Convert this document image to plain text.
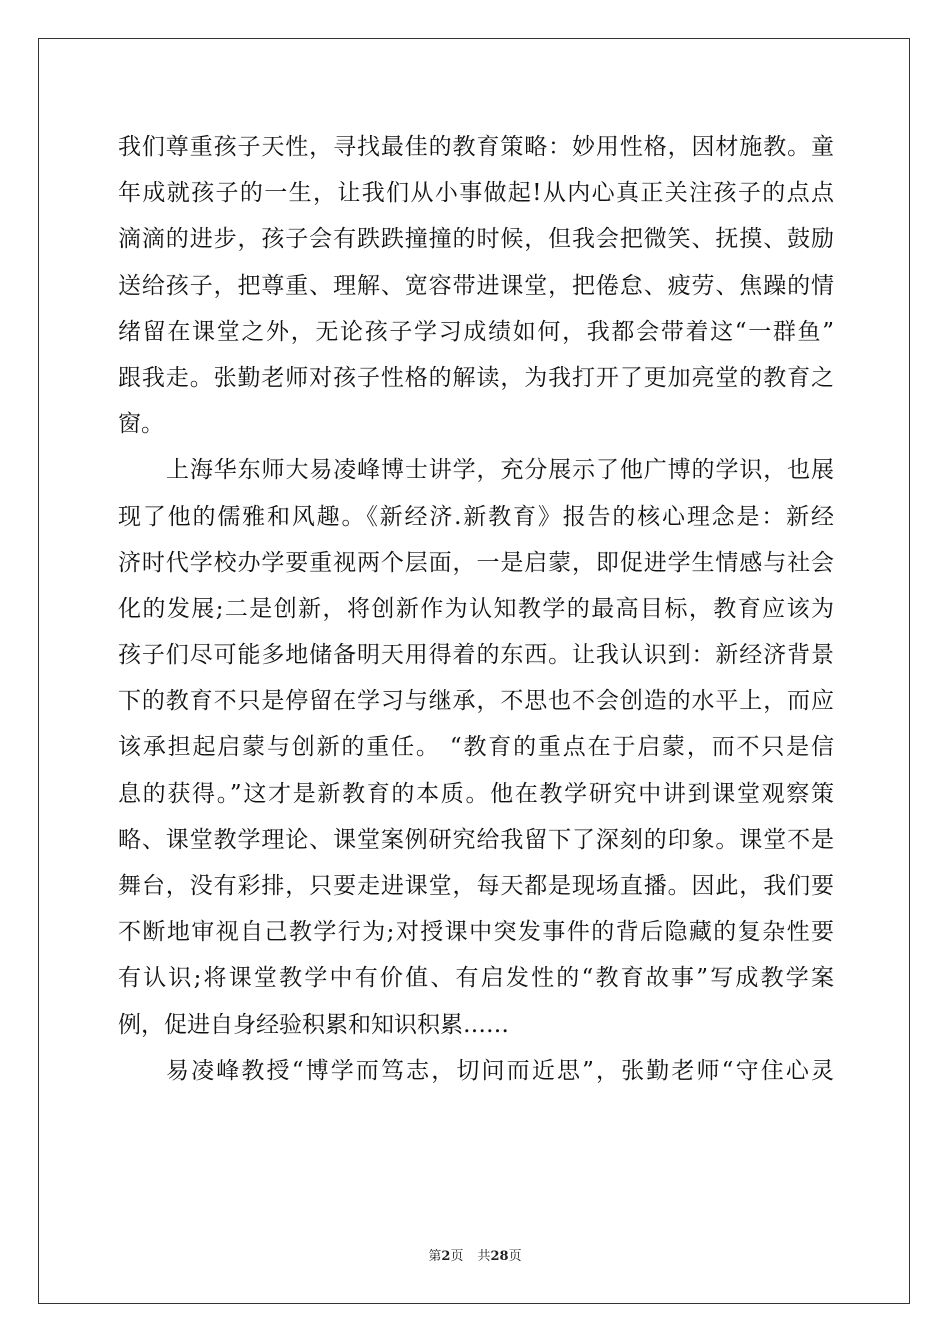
我们尊重孩子天性，寻找最佳的教育策略：妙用性格，因材施教。童
年成就孩子的一生，让我们从小事做起!从内心真正关注孩子的点点
滴滴的进步，孩子会有跌跌撞撞的时候，但我会把微笑、抚摸、鼓励
送给孩子，把尊重、理解、宽容带进课堂，把倦怠、疲劳、焦躁的情
绪留在课堂之外，无论孩子学习成绩如何，我都会带着这“一群鱼”
跟我走。张勤老师对孩子性格的解读，为我打开了更加亮堂的教育之
窗。
上海华东师大易凌峰博士讲学，充分展示了他广博的学识，也展
现了他的儒雅和风趣。《新经济.新教育》报告的核心理念是：新经
济时代学校办学要重视两个层面，一是启蒙，即促进学生情感与社会
化的发展;二是创新，将创新作为认知教学的最高目标，教育应该为
孩子们尽可能多地储备明天用得着的东西。让我认识到：新经济背景
下的教育不只是停留在学习与继承，不思也不会创造的水平上，而应
该承担起启蒙与创新的重任。 “教育的重点在于启蒙，而不只是信
息的获得。”这才是新教育的本质。他在教学研究中讲到课堂观察策
略、课堂教学理论、课堂案例研究给我留下了深刻的印象。课堂不是
舞台，没有彩排，只要走进课堂，每天都是现场直播。因此，我们要
不断地审视自己教学行为;对授课中突发事件的背后隐藏的复杂性要
有认识;将课堂教学中有价值、有启发性的“教育故事”写成教学案
例，促进自身经验积累和知识积累……
易凌峰教授“博学而笃志，切问而近思”，张勤老师“守住心灵
第2页 共28页
